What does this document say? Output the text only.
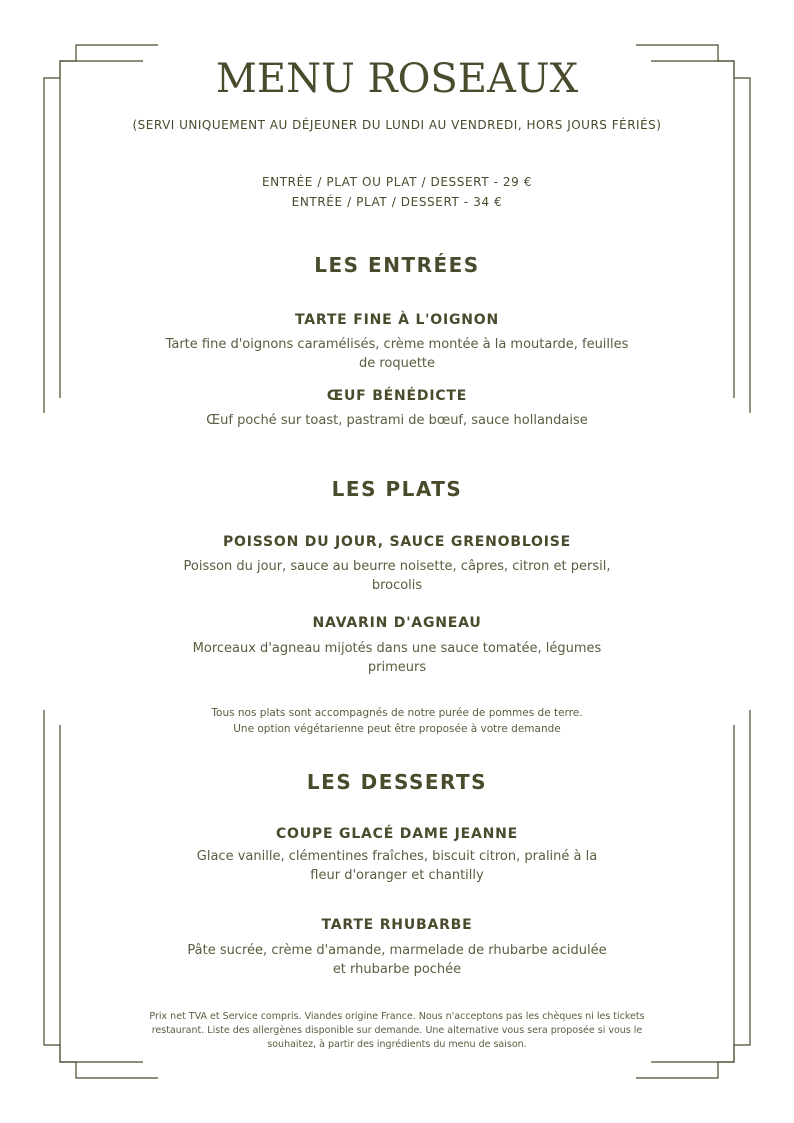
MENU ROSEAUX
(SERVI UNIQUEMENT AU DÉJEUNER DU LUNDI AU VENDREDI, HORS JOURS FÉRIÉS)
ENTRÉE / PLAT OU PLAT / DESSERT - 29 €
ENTRÉE / PLAT / DESSERT - 34 €
LES ENTRÉES
TARTE FINE À L'OIGNON
Tarte fine d'oignons caramélisés, crème montée à la moutarde, feuilles
de roquette
ŒUF BÉNÉDICTE
Œuf poché sur toast, pastrami de bœuf, sauce hollandaise
LES PLATS
POISSON DU JOUR, SAUCE GRENOBLOISE
Poisson du jour, sauce au beurre noisette, câpres, citron et persil,
brocolis
NAVARIN D'AGNEAU
Morceaux d'agneau mijotés dans une sauce tomatée, légumes
primeurs
Tous nos plats sont accompagnés de notre purée de pommes de terre.
Une option végétarienne peut être proposée à votre demande
LES DESSERTS
COUPE GLACÉ DAME JEANNE
Glace vanille, clémentines fraîches, biscuit citron, praliné à la
fleur d'oranger et chantilly
TARTE RHUBARBE
Pâte sucrée, crème d'amande, marmelade de rhubarbe acidulée
et rhubarbe pochée
Prix net TVA et Service compris. Viandes origine France. Nous n'acceptons pas les chèques ni les tickets
restaurant. Liste des allergènes disponible sur demande. Une alternative vous sera proposée si vous le
souhaitez, à partir des ingrédients du menu de saison.
